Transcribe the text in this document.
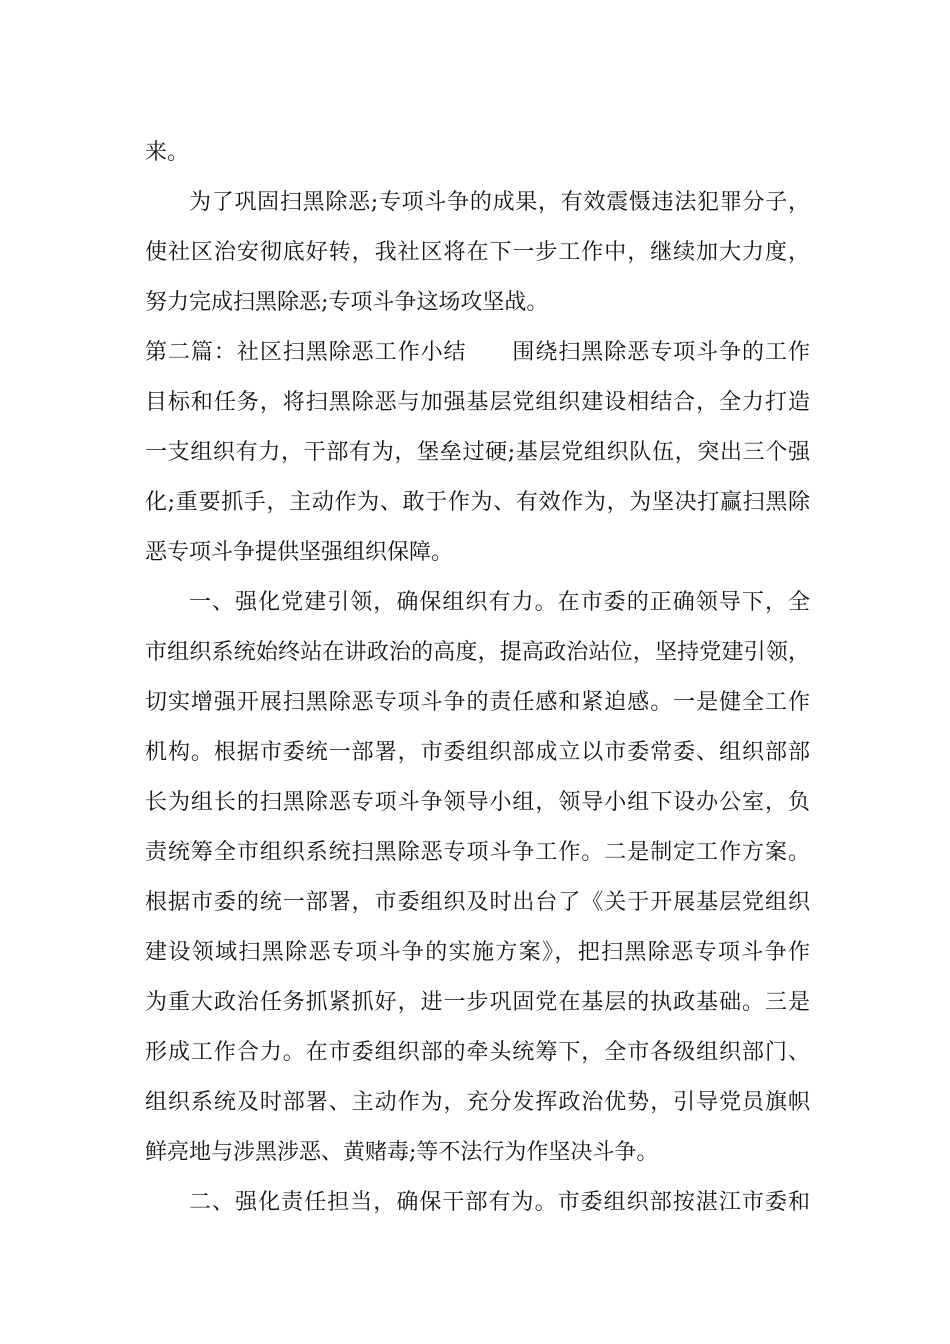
来。
为了巩固扫黑除恶;专项斗争的成果，有效震慑违法犯罪分子，
使社区治安彻底好转，我社区将在下一步工作中，继续加大力度，
努力完成扫黑除恶;专项斗争这场攻坚战。
第二篇：社区扫黑除恶工作小结　　围绕扫黑除恶专项斗争的工作
目标和任务，将扫黑除恶与加强基层党组织建设相结合，全力打造
一支组织有力，干部有为，堡垒过硬;基层党组织队伍，突出三个强
化;重要抓手，主动作为、敢于作为、有效作为，为坚决打赢扫黑除
恶专项斗争提供坚强组织保障。
一、强化党建引领，确保组织有力。在市委的正确领导下，全
市组织系统始终站在讲政治的高度，提高政治站位，坚持党建引领，
切实增强开展扫黑除恶专项斗争的责任感和紧迫感。一是健全工作
机构。根据市委统一部署，市委组织部成立以市委常委、组织部部
长为组长的扫黑除恶专项斗争领导小组，领导小组下设办公室，负
责统筹全市组织系统扫黑除恶专项斗争工作。二是制定工作方案。
根据市委的统一部署，市委组织及时出台了《关于开展基层党组织
建设领域扫黑除恶专项斗争的实施方案》，把扫黑除恶专项斗争作
为重大政治任务抓紧抓好，进一步巩固党在基层的执政基础。三是
形成工作合力。在市委组织部的牵头统筹下，全市各级组织部门、
组织系统及时部署、主动作为，充分发挥政治优势，引导党员旗帜
鲜亮地与涉黑涉恶、黄赌毒;等不法行为作坚决斗争。
二、强化责任担当，确保干部有为。市委组织部按湛江市委和
